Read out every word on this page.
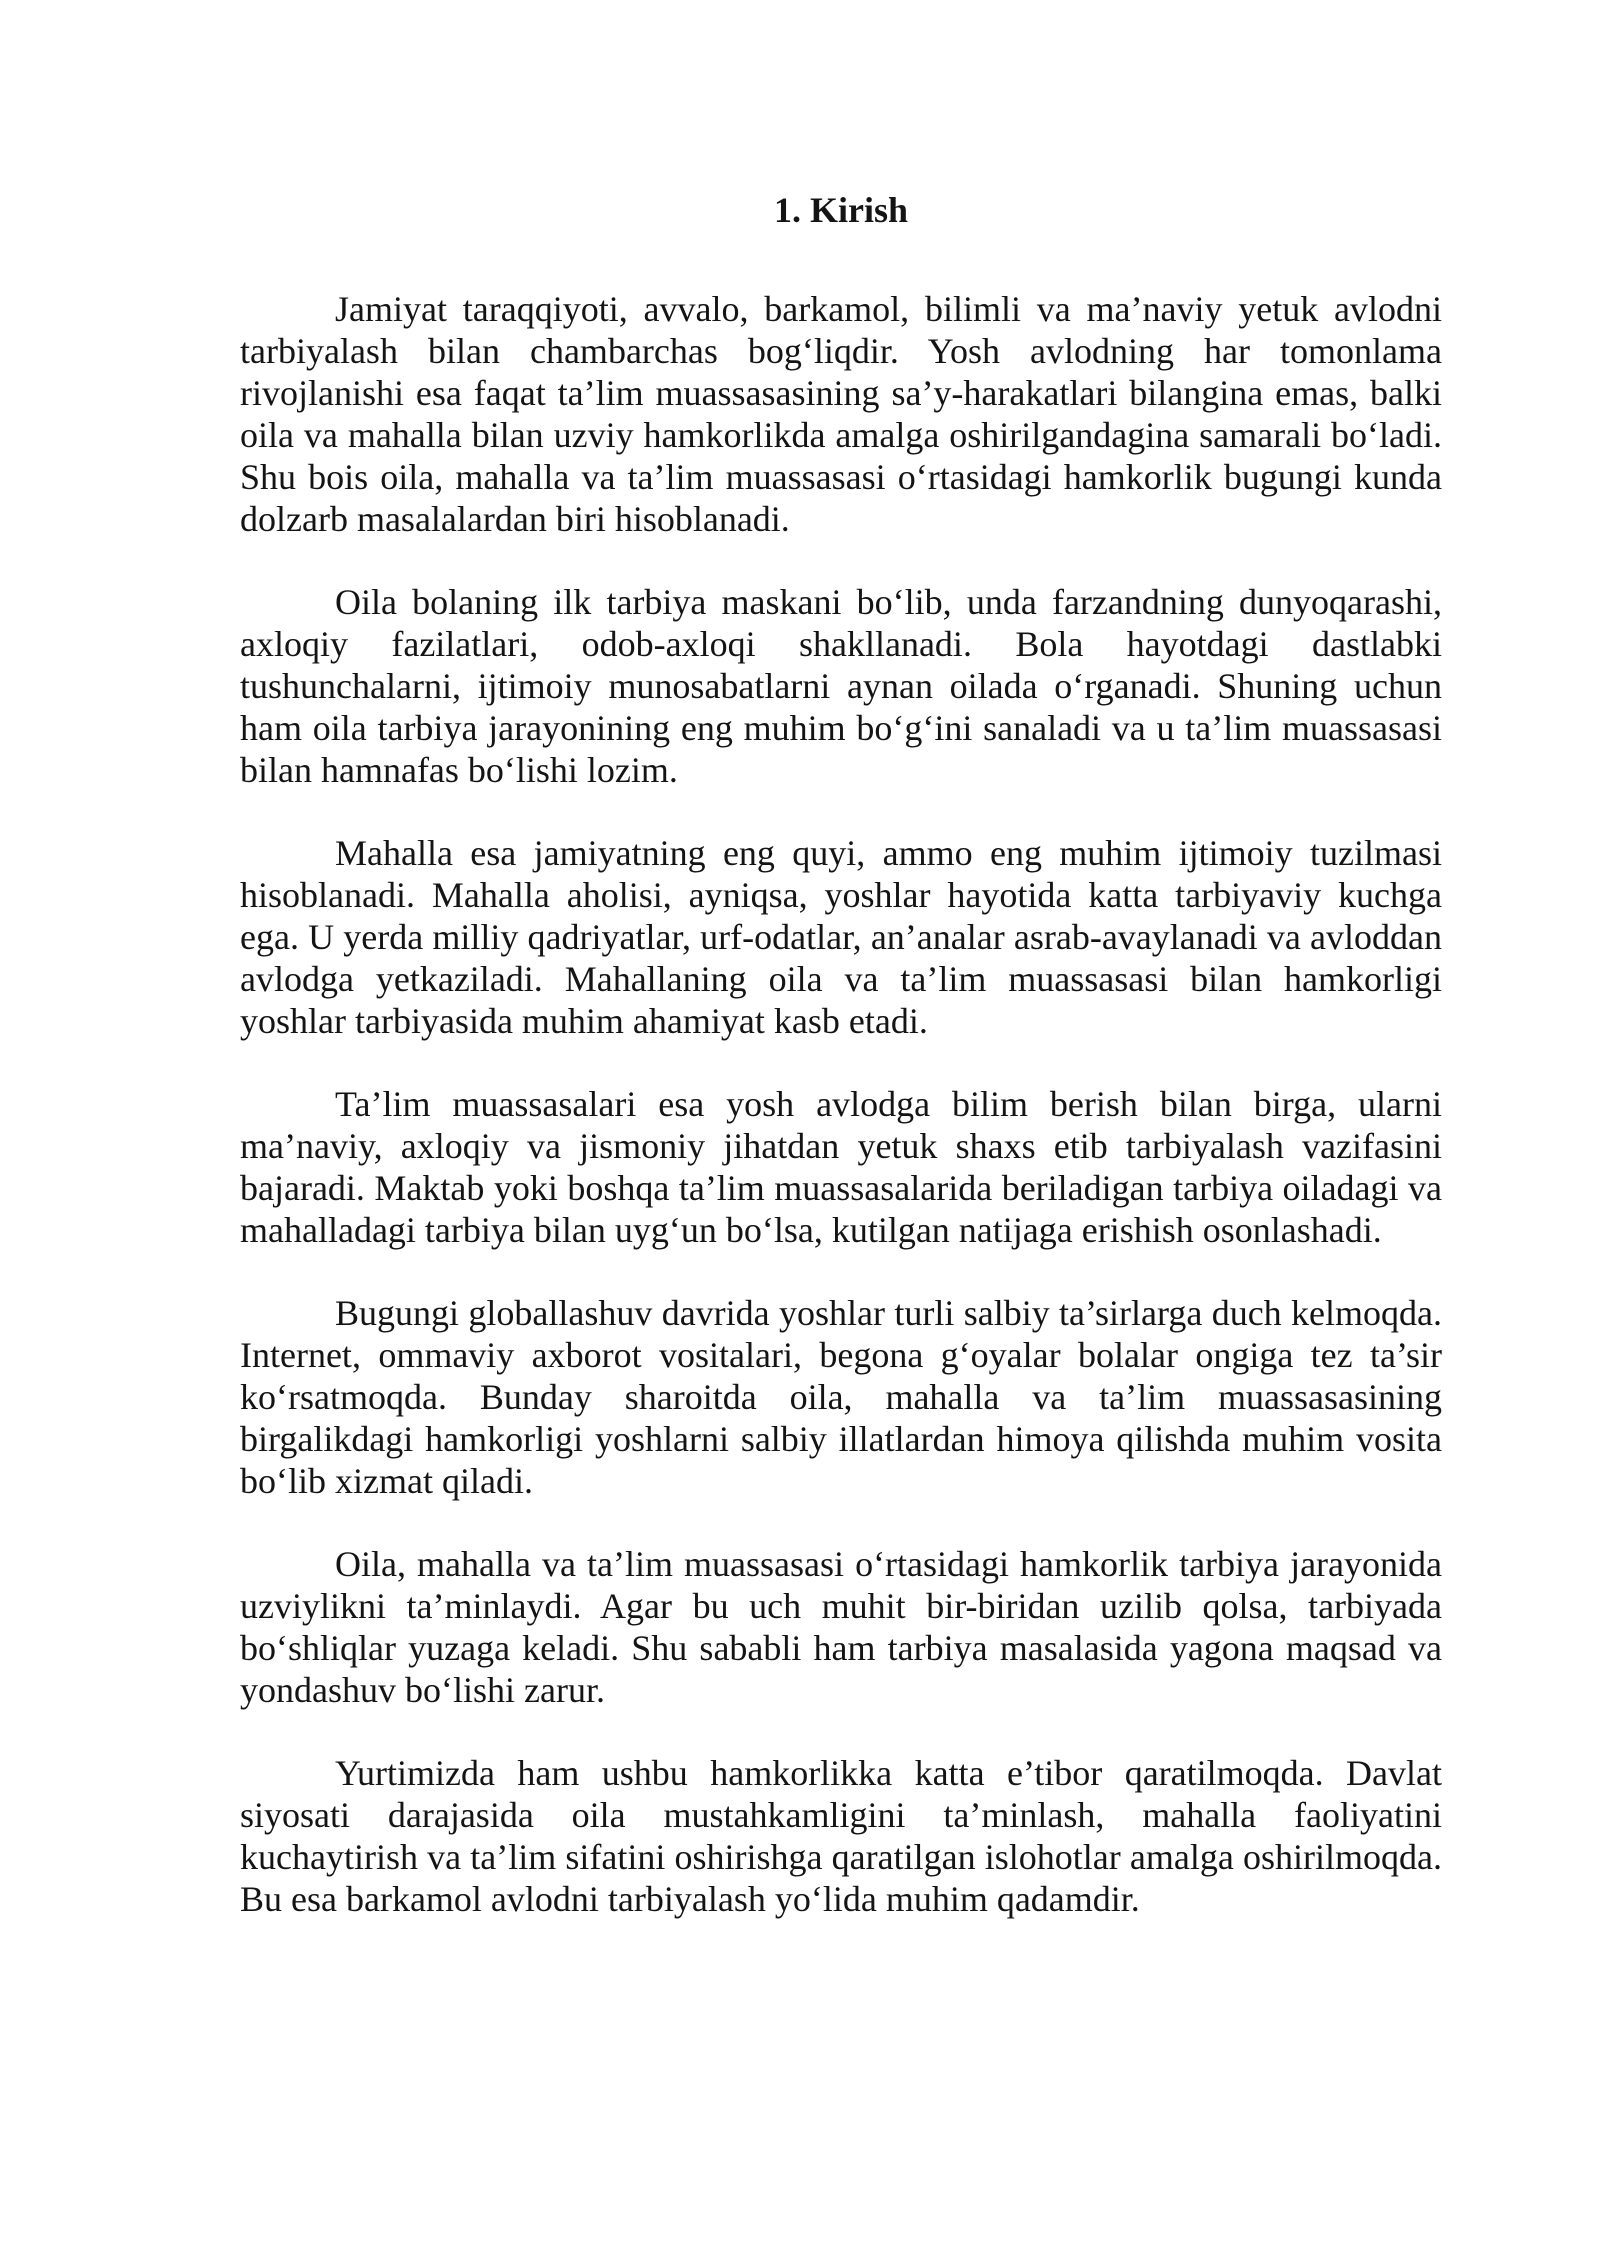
1. Kirish

Jamiyat taraqqiyoti, avvalo, barkamol, bilimli va ma’naviy yetuk avlodni tarbiyalash bilan chambarchas bog‘liqdir. Yosh avlodning har tomonlama rivojlanishi esa faqat ta’lim muassasasining sa’y-harakatlari bilangina emas, balki oila va mahalla bilan uzviy hamkorlikda amalga oshirilgandagina samarali bo‘ladi. Shu bois oila, mahalla va ta’lim muassasasi o‘rtasidagi hamkorlik bugungi kunda dolzarb masalalardan biri hisoblanadi.

Oila bolaning ilk tarbiya maskani bo‘lib, unda farzandning dunyoqarashi, axloqiy fazilatlari, odob-axloqi shakllanadi. Bola hayotdagi dastlabki tushunchalarni, ijtimoiy munosabatlarni aynan oilada o‘rganadi. Shuning uchun ham oila tarbiya jarayonining eng muhim bo‘g‘ini sanaladi va u ta’lim muassasasi bilan hamnafas bo‘lishi lozim.

Mahalla esa jamiyatning eng quyi, ammo eng muhim ijtimoiy tuzilmasi hisoblanadi. Mahalla aholisi, ayniqsa, yoshlar hayotida katta tarbiyaviy kuchga ega. U yerda milliy qadriyatlar, urf-odatlar, an’analar asrab-avaylanadi va avloddan avlodga yetkaziladi. Mahallaning oila va ta’lim muassasasi bilan hamkorligi yoshlar tarbiyasida muhim ahamiyat kasb etadi.

Ta’lim muassasalari esa yosh avlodga bilim berish bilan birga, ularni ma’naviy, axloqiy va jismoniy jihatdan yetuk shaxs etib tarbiyalash vazifasini bajaradi. Maktab yoki boshqa ta’lim muassasalarida beriladigan tarbiya oiladagi va mahalladagi tarbiya bilan uyg‘un bo‘lsa, kutilgan natijaga erishish osonlashadi.

Bugungi globallashuv davrida yoshlar turli salbiy ta’sirlarga duch kelmoqda. Internet, ommaviy axborot vositalari, begona g‘oyalar bolalar ongiga tez ta’sir ko‘rsatmoqda. Bunday sharoitda oila, mahalla va ta’lim muassasasining birgalikdagi hamkorligi yoshlarni salbiy illatlardan himoya qilishda muhim vosita bo‘lib xizmat qiladi.

Oila, mahalla va ta’lim muassasasi o‘rtasidagi hamkorlik tarbiya jarayonida uzviylikni ta’minlaydi. Agar bu uch muhit bir-biridan uzilib qolsa, tarbiyada bo‘shliqlar yuzaga keladi. Shu sababli ham tarbiya masalasida yagona maqsad va yondashuv bo‘lishi zarur.

Yurtimizda ham ushbu hamkorlikka katta e’tibor qaratilmoqda. Davlat siyosati darajasida oila mustahkamligini ta’minlash, mahalla faoliyatini kuchaytirish va ta’lim sifatini oshirishga qaratilgan islohotlar amalga oshirilmoqda. Bu esa barkamol avlodni tarbiyalash yo‘lida muhim qadamdir.
